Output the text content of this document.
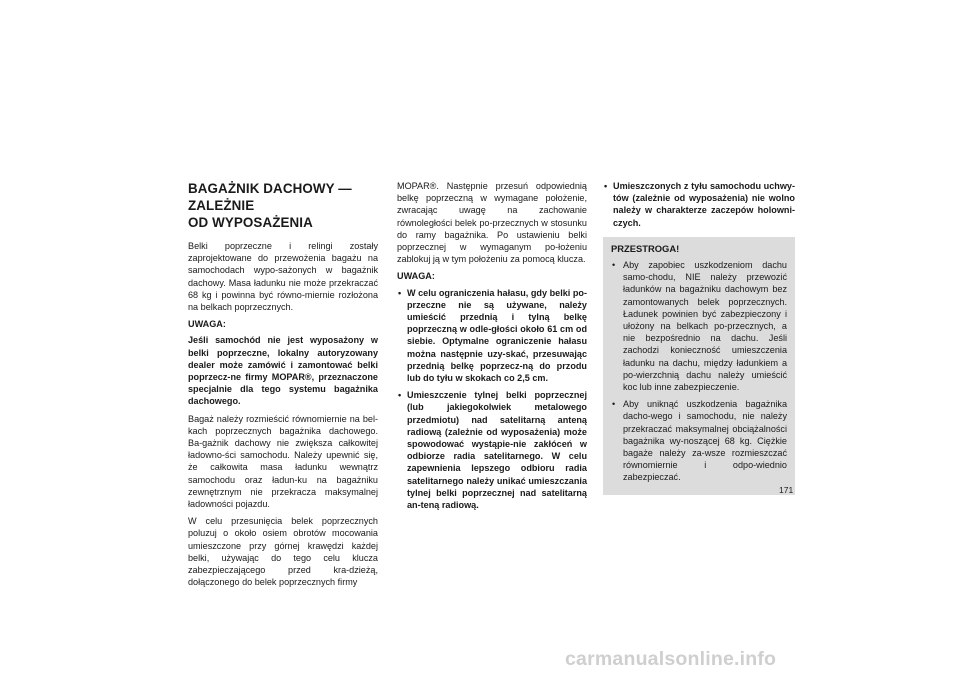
BAGAŻNIK DACHOWY — ZALEŻNIE
OD WYPOSAŻENIA

Belki poprzeczne i relingi zostały zaprojektowane do przewożenia bagażu na samochodach wypo-sażonych w bagażnik dachowy. Masa ładunku nie może przekraczać 68 kg i powinna być równo-miernie rozłożona na belkach poprzecznych.

UWAGA:

Jeśli samochód nie jest wyposażony w belki poprzeczne, lokalny autoryzowany dealer może zamówić i zamontować belki poprzecz-ne firmy MOPAR®, przeznaczone specjalnie dla tego systemu bagażnika dachowego.

Bagaż należy rozmieścić równomiernie na bel-kach poprzecznych bagażnika dachowego. Ba-gażnik dachowy nie zwiększa całkowitej ładowno-ści samochodu. Należy upewnić się, że całkowita masa ładunku wewnątrz samochodu oraz ładun-ku na bagażniku zewnętrznym nie przekracza maksymalnej ładowności pojazdu.

W celu przesunięcia belek poprzecznych poluzuj o około osiem obrotów mocowania umieszczone przy górnej krawędzi każdej belki, używając do tego celu klucza zabezpieczającego przed kra-dzieżą, dołączonego do belek poprzecznych firmy

MOPAR®. Następnie przesuń odpowiednią belkę poprzeczną w wymagane położenie, zwracając uwagę na zachowanie równoległości belek po-przecznych w stosunku do ramy bagażnika. Po ustawieniu belki poprzecznej w wymaganym po-łożeniu zablokuj ją w tym położeniu za pomocą klucza.

UWAGA:

• W celu ograniczenia hałasu, gdy belki po-przeczne nie są używane, należy umieścić przednią i tylną belkę poprzeczną w odle-głości około 61 cm od siebie. Optymalne ograniczenie hałasu można następnie uzy-skać, przesuwając przednią belkę poprzecz-ną do przodu lub do tyłu w skokach co 2,5 cm.
• Umieszczenie tylnej belki poprzecznej (lub jakiegokolwiek metalowego przedmiotu) nad satelitarną anteną radiową (zależnie od wyposażenia) może spowodować wystąpie-nie zakłóceń w odbiorze radia satelitarnego. W celu zapewnienia lepszego odbioru radia satelitarnego należy unikać umieszczania tylnej belki poprzecznej nad satelitarną an-teną radiową.
• Umieszczonych z tyłu samochodu uchwy-tów (zależnie od wyposażenia) nie wolno należy w charakterze zaczepów holowni-czych.

PRZESTROGA!

• Aby zapobiec uszkodzeniom dachu samo-chodu, NIE należy przewozić ładunków na bagażniku dachowym bez zamontowanych belek poprzecznych. Ładunek powinien być zabezpieczony i ułożony na belkach po-przecznych, a nie bezpośrednio na dachu. Jeśli zachodzi konieczność umieszczenia ładunku na dachu, między ładunkiem a po-wierzchnią dachu należy umieścić koc lub inne zabezpieczenie.
• Aby uniknąć uszkodzenia bagażnika dacho-wego i samochodu, nie należy przekraczać maksymalnej obciążalności bagażnika wy-noszącej 68 kg. Ciężkie bagaże należy za-wsze rozmieszczać równomiernie i odpo-wiednio zabezpieczać.
171
carmanualsonline.info
